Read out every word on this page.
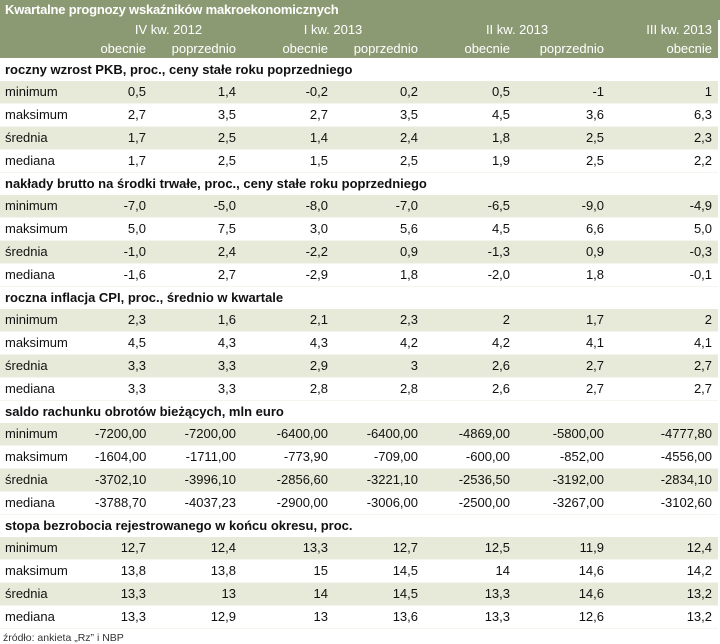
Kwartalne prognozy wskaźników makroekonomicznych
	IV kw. 2012		I kw. 2013		II kw. 2013		III kw. 2013
	obecnie	poprzednio	obecnie	poprzednio	obecnie	poprzednio	obecnie
roczny wzrost PKB, proc., ceny stałe roku poprzedniego							
minimum	0,5	1,4	-0,2	0,2	0,5	-1	1
maksimum	2,7	3,5	2,7	3,5	4,5	3,6	6,3
średnia	1,7	2,5	1,4	2,4	1,8	2,5	2,3
mediana	1,7	2,5	1,5	2,5	1,9	2,5	2,2
nakłady brutto na środki trwałe, proc., ceny stałe roku poprzedniego							
minimum	-7,0	-5,0	-8,0	-7,0	-6,5	-9,0	-4,9
maksimum	5,0	7,5	3,0	5,6	4,5	6,6	5,0
średnia	-1,0	2,4	-2,2	0,9	-1,3	0,9	-0,3
mediana	-1,6	2,7	-2,9	1,8	-2,0	1,8	-0,1
roczna inflacja CPI, proc., średnio w kwartale							
minimum	2,3	1,6	2,1	2,3	2	1,7	2
maksimum	4,5	4,3	4,3	4,2	4,2	4,1	4,1
średnia	3,3	3,3	2,9	3	2,6	2,7	2,7
mediana	3,3	3,3	2,8	2,8	2,6	2,7	2,7
saldo rachunku obrotów bieżących, mln euro							
minimum	-7200,00	-7200,00	-6400,00	-6400,00	-4869,00	-5800,00	-4777,80
maksimum	-1604,00	-1711,00	-773,90	-709,00	-600,00	-852,00	-4556,00
średnia	-3702,10	-3996,10	-2856,60	-3221,10	-2536,50	-3192,00	-2834,10
mediana	-3788,70	-4037,23	-2900,00	-3006,00	-2500,00	-3267,00	-3102,60
stopa bezrobocia rejestrowanego w końcu okresu, proc.							
minimum	12,7	12,4	13,3	12,7	12,5	11,9	12,4
maksimum	13,8	13,8	15	14,5	14	14,6	14,2
średnia	13,3	13	14	14,5	13,3	14,6	13,2
mediana	13,3	12,9	13	13,6	13,3	12,6	13,2
źródło: ankieta „Rz” i NBP
